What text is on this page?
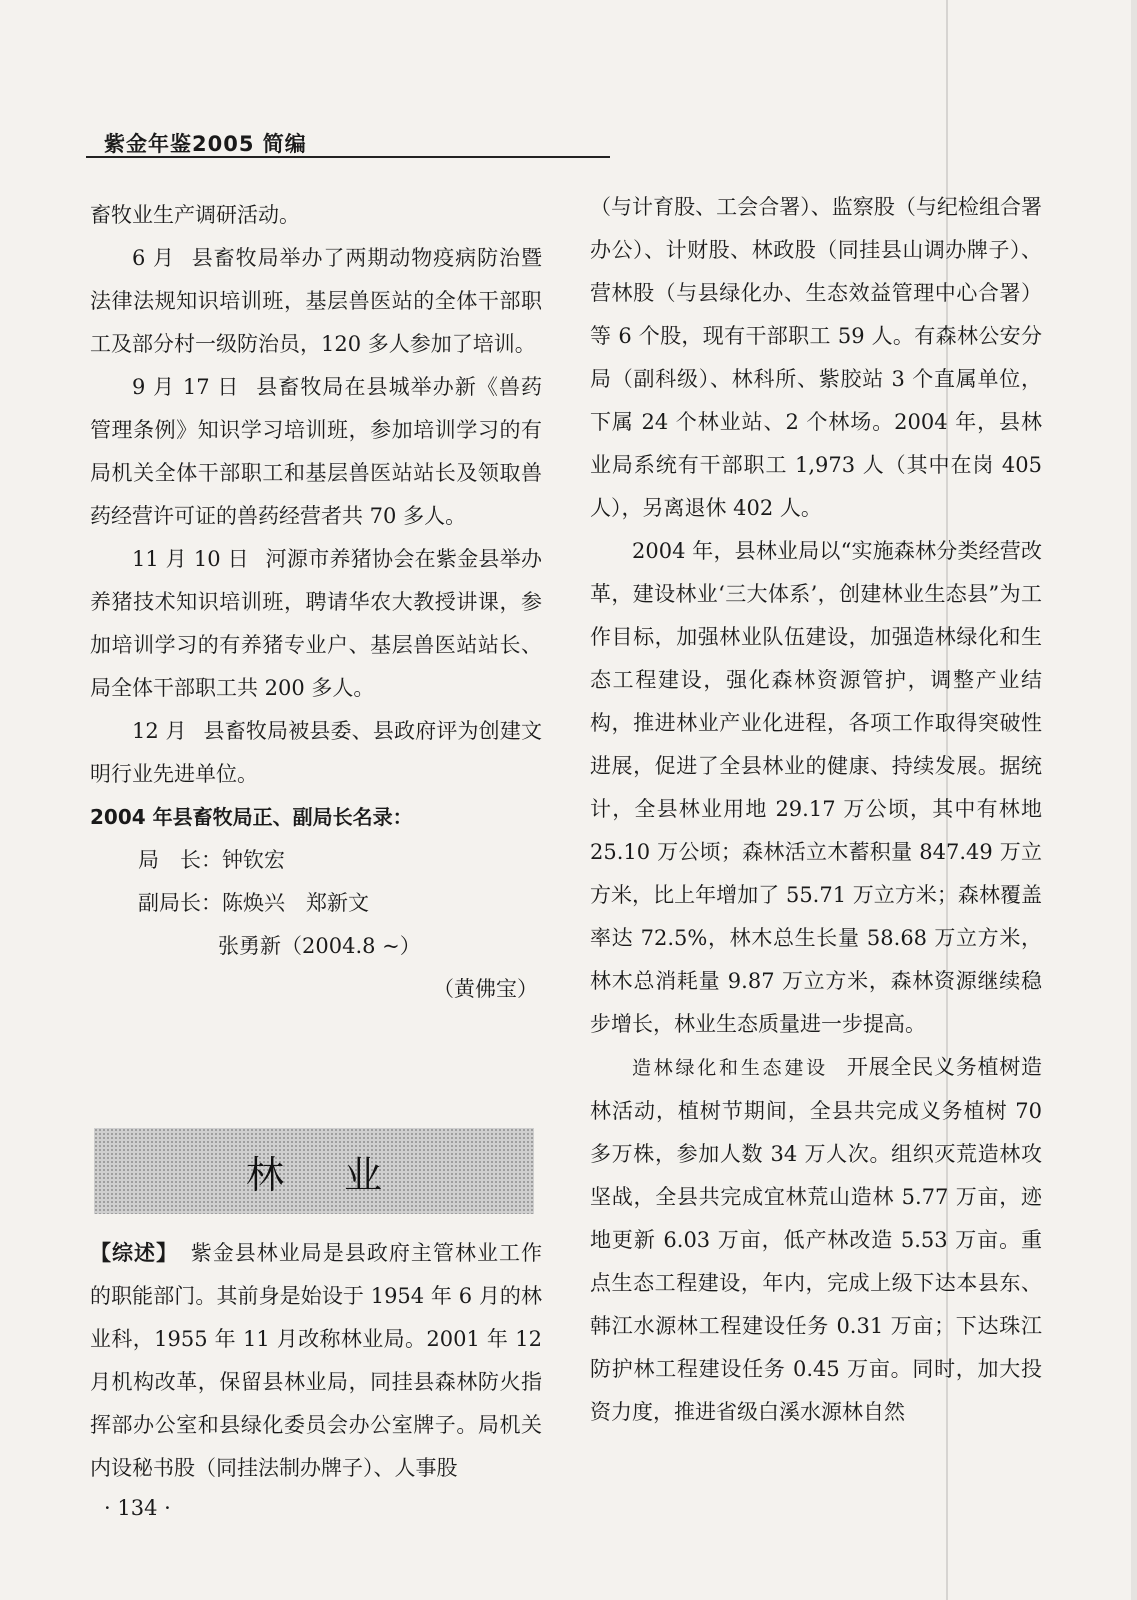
紫金年鉴2005 简编

畜牧业生产调研活动。

6 月 县畜牧局举办了两期动物疫病防治暨法律法规知识培训班，基层兽医站的全体干部职工及部分村一级防治员，120 多人参加了培训。

9 月 17 日 县畜牧局在县城举办新《兽药管理条例》知识学习培训班，参加培训学习的有局机关全体干部职工和基层兽医站站长及领取兽药经营许可证的兽药经营者共 70 多人。

11 月 10 日 河源市养猪协会在紫金县举办养猪技术知识培训班，聘请华农大教授讲课，参加培训学习的有养猪专业户、基层兽医站站长、局全体干部职工共 200 多人。

12 月 县畜牧局被县委、县政府评为创建文明行业先进单位。

2004 年县畜牧局正、副局长名录：

局　长：钟钦宏

副局长：陈焕兴　郑新文

张勇新（2004.8 ~）

（黄佛宝）

林业

【综述】 紫金县林业局是县政府主管林业工作的职能部门。其前身是始设于 1954 年 6 月的林业科，1955 年 11 月改称林业局。2001 年 12 月机构改革，保留县林业局，同挂县森林防火指挥部办公室和县绿化委员会办公室牌子。局机关内设秘书股（同挂法制办牌子）、人事股

（与计育股、工会合署）、监察股（与纪检组合署办公）、计财股、林政股（同挂县山调办牌子）、营林股（与县绿化办、生态效益管理中心合署）等 6 个股，现有干部职工 59 人。有森林公安分局（副科级）、林科所、紫胶站 3 个直属单位，下属 24 个林业站、2 个林场。2004 年，县林业局系统有干部职工 1,973 人（其中在岗 405 人），另离退休 402 人。

2004 年，县林业局以“实施森林分类经营改革，建设林业‘三大体系’，创建林业生态县”为工作目标，加强林业队伍建设，加强造林绿化和生态工程建设，强化森林资源管护，调整产业结构，推进林业产业化进程，各项工作取得突破性进展，促进了全县林业的健康、持续发展。据统计，全县林业用地 29.17 万公顷，其中有林地 25.10 万公顷；森林活立木蓄积量 847.49 万立方米，比上年增加了 55.71 万立方米；森林覆盖率达 72.5%，林木总生长量 58.68 万立方米，林木总消耗量 9.87 万立方米，森林资源继续稳步增长，林业生态质量进一步提高。

造林绿化和生态建设 开展全民义务植树造林活动，植树节期间，全县共完成义务植树 70 多万株，参加人数 34 万人次。组织灭荒造林攻坚战，全县共完成宜林荒山造林 5.77 万亩，迹地更新 6.03 万亩，低产林改造 5.53 万亩。重点生态工程建设，年内，完成上级下达本县东、韩江水源林工程建设任务 0.31 万亩；下达珠江防护林工程建设任务 0.45 万亩。同时，加大投资力度，推进省级白溪水源林自然

· 134 ·
